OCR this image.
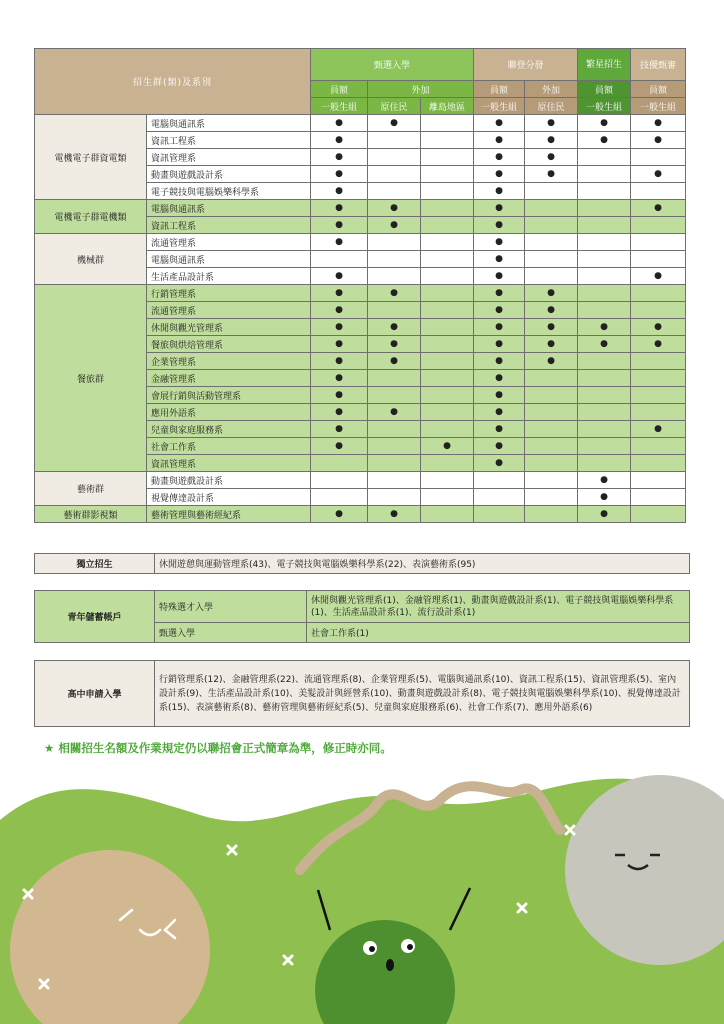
招生群(類)及系別		甄選入學			聯登分發		繁星招生	技優甄審
		員額	外加		員額	外加	員額	員額
		一般生組	原住民	離島地區	一般生組	原住民	一般生組	一般生組
電機電子群資電類	電腦與通訊系	●	●		●	●	●	●
	資訊工程系	●			●	●	●	●
	資訊管理系	●			●	●		
	動畫與遊戲設計系	●			●	●		●
	電子競技與電腦娛樂科學系	●			●			
電機電子群電機類	電腦與通訊系	●	●		●			●
	資訊工程系	●	●		●			
機械群	流通管理系	●			●			
	電腦與通訊系				●			
	生活產品設計系	●			●			●
餐旅群	行銷管理系	●	●		●	●		
	流通管理系	●			●	●		
	休閒與觀光管理系	●	●		●	●	●	●
	餐旅與烘焙管理系	●	●		●	●	●	●
	企業管理系	●	●		●	●		
	金融管理系	●			●			
	會展行銷與活動管理系	●			●			
	應用外語系	●	●		●			
	兒童與家庭服務系	●			●			●
	社會工作系	●		●	●			
	資訊管理系				●			
藝術群	動畫與遊戲設計系						●	
	視覺傳達設計系						●	
藝術群影視類	藝術管理與藝術經紀系	●	●				●	
獨立招生	休閒遊憩與運動管理系(43)、電子競技與電腦娛樂科學系(22)、表演藝術系(95)
青年儲蓄帳戶	特殊選才入學	休閒與觀光管理系(1)、金融管理系(1)、動畫與遊戲設計系(1)、電子競技與電腦娛樂科學系(1)、生活產品設計系(1)、流行設計系(1)
	甄選入學	社會工作系(1)
高中申請入學	行銷管理系(12)、金融管理系(22)、流通管理系(8)、企業管理系(5)、電腦與通訊系(10)、資訊工程系(15)、資訊管理系(5)、室內設計系(9)、生活產品設計系(10)、美髮設計與經營系(10)、動畫與遊戲設計系(8)、電子競技與電腦娛樂科學系(10)、視覺傳達設計系(15)、表演藝術系(8)、藝術管理與藝術經紀系(5)、兒童與家庭服務系(6)、社會工作系(7)、應用外語系(6)
★ 相關招生名額及作業規定仍以聯招會正式簡章為準，修正時亦同。
